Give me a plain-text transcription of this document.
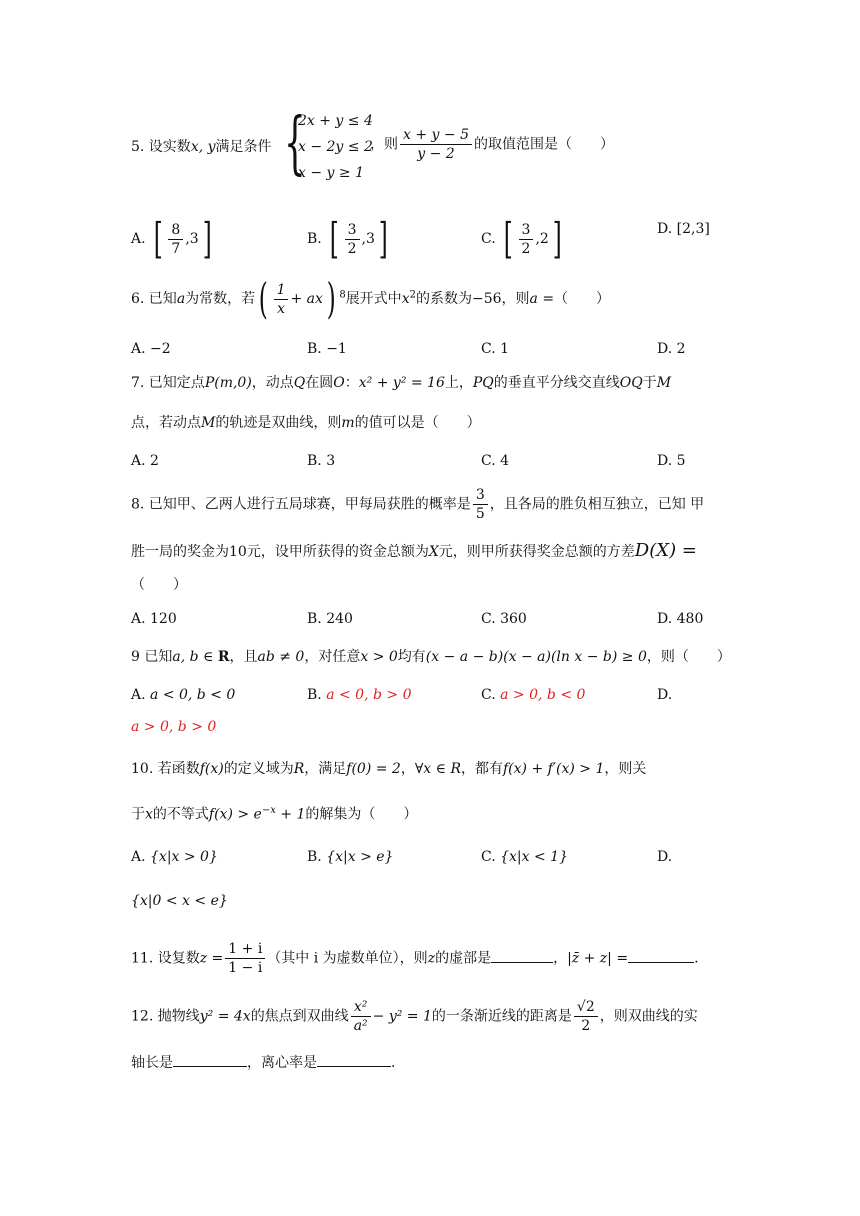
5. 设实数x, y满足条件 {
2x + y ≤ 4
x − 2y ≤ 2
x − y ≥ 1
，则 $\frac{x + y - 5}{y - 2}$ 的取值范围是（　　）
A. [ $\frac{8}{7} ,3$]	B. [ $\frac{3}{2} ,3$]	C. [ $\frac{3}{2} ,2$]	D. [2,3]
6. 已知a为常数，若( $\frac{1}{x} + ax$) $^8$展开式中$x^2$的系数为−56，则a =（　　）
A. −2	B. −1	C. 1	D. 2
7. 已知定点P(m,0)，动点Q在圆O：x² + y² = 16上，PQ的垂直平分线交直线OQ于M
点，若动点M的轨迹是双曲线，则m的值可以是（　　）
A. 2	B. 3	C. 4	D. 5
8. 已知甲、乙两人进行五局球赛，甲每局获胜的概率是 $\frac{3}{5}$ ，且各局的胜负相互独立，已知 甲
胜一局的奖金为10元，设甲所获得的资金总额为X元，则甲所获得奖金总额的方差D(X) =
（　　）
A. 120	B. 240	C. 360	D. 480
9 已知a, b ∈ R，且ab ≠ 0，对任意x > 0均有(x − a − b)(x − a)(ln x − b) ≥ 0，则（　　）
A. a < 0, b < 0	B. a < 0, b > 0	C. a > 0, b < 0	D.
a > 0, b > 0
10. 若函数f(x)的定义域为R，满足f(0) = 2，∀x ∈ R，都有f(x) + f′(x) > 1，则关
于x的不等式$f(x) > e^{-x} + 1$的解集为（　　）
A. {x|x > 0}	B. {x|x > e}	C. {x|x < 1}	D.
{x|0 < x < e}
11. 设复数$z = \frac{1 + i}{1 - i}$ （其中 i 为虚数单位），则z的虚部是	，|z̄ + z| =	.
12. 抛物线y² = 4x的焦点到双曲线 $\frac{\text{x²}}{\text{a²}} - y^2 = 1$的一条渐近线的距离是 $\frac{√2}{2}$ ，则双曲线的实
轴长是	，离心率是	.
